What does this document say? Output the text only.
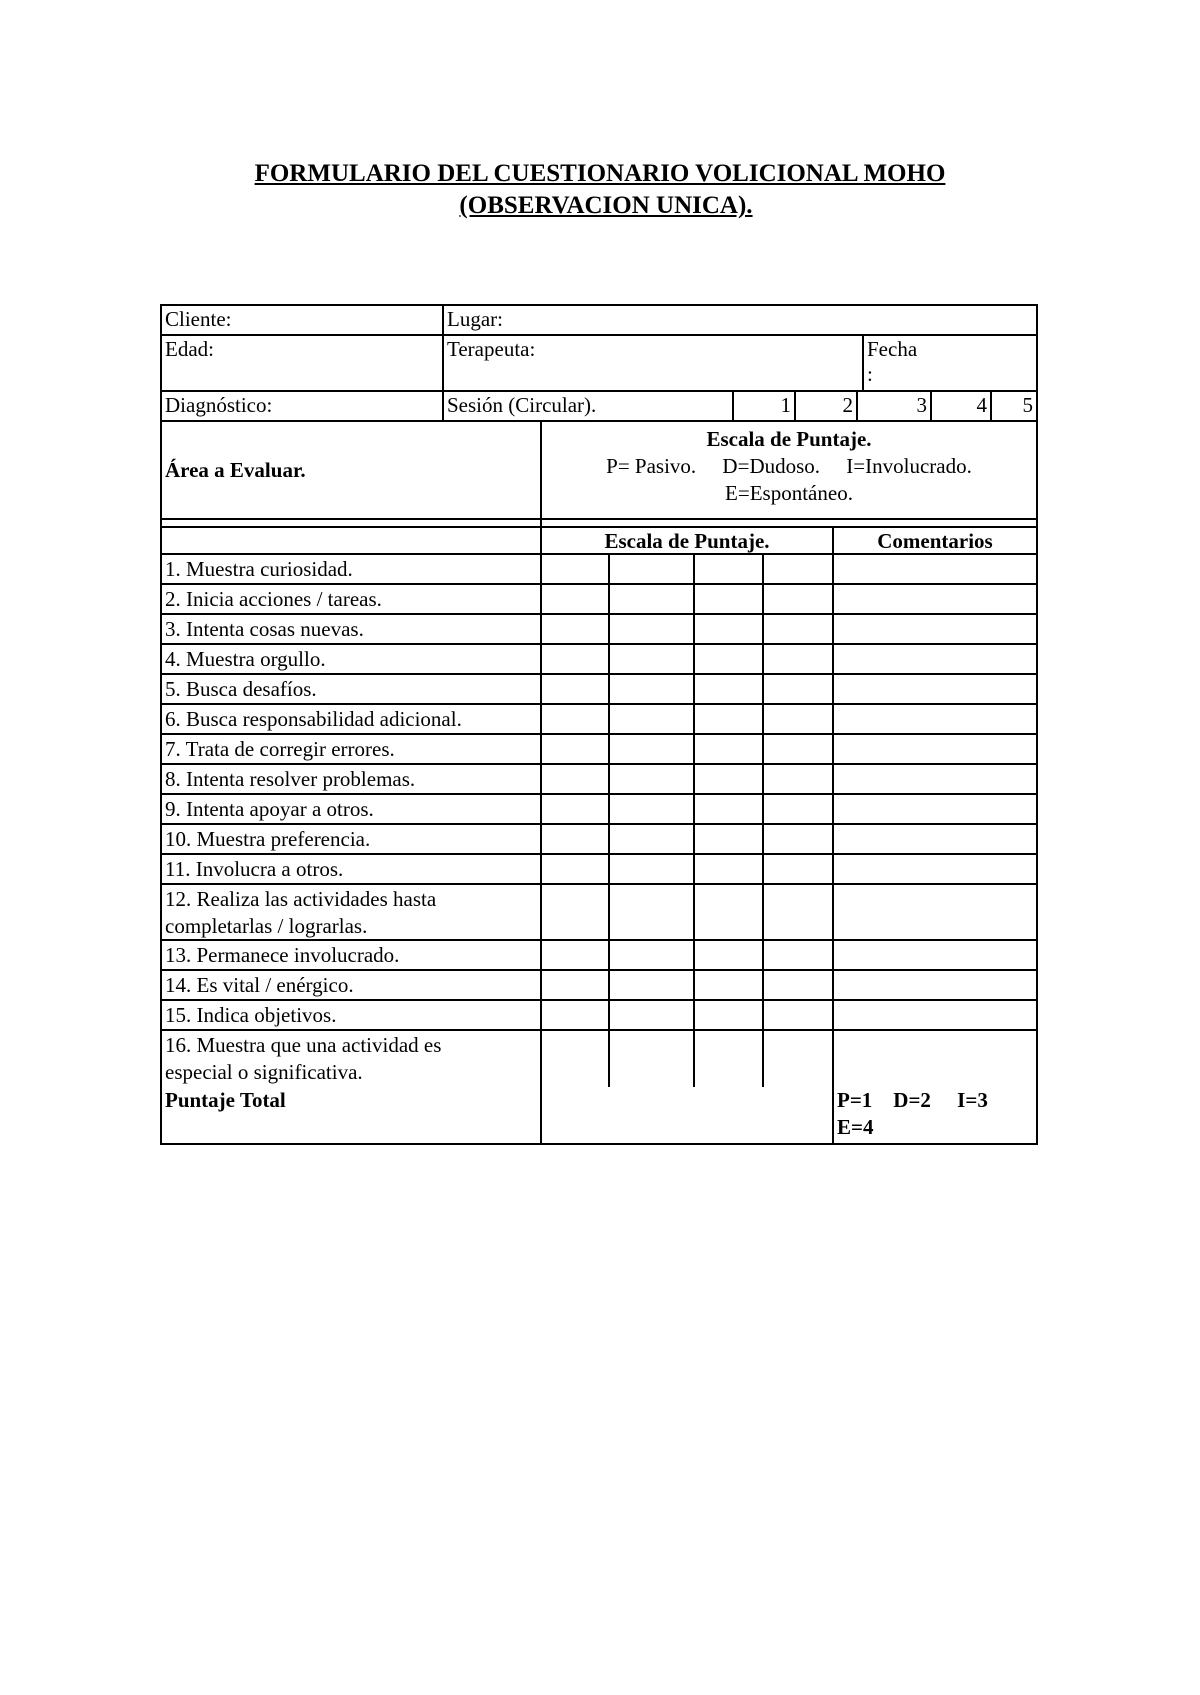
FORMULARIO DEL CUESTIONARIO VOLICIONAL MOHO
(OBSERVACION UNICA).
Cliente:	Lugar:
Edad:	Terapeuta:	Fecha
:
Diagnóstico:	Sesión (Circular).	1	2	3	4	5
Área a Evaluar.
Escala de Puntaje.
P= Pasivo.     D=Dudoso.     I=Involucrado.
E=Espontáneo.
Escala de Puntaje.	Comentarios
1. Muestra curiosidad.
2. Inicia acciones / tareas.
3. Intenta cosas nuevas.
4. Muestra orgullo.
5. Busca desafíos.
6. Busca responsabilidad adicional.
7. Trata de corregir errores.
8. Intenta resolver problemas.
9. Intenta apoyar a otros.
10. Muestra preferencia.
11. Involucra a otros.
12. Realiza las actividades hasta
completarlas / lograrlas.
13. Permanece involucrado.
14. Es vital / enérgico.
15. Indica objetivos.
16. Muestra que una actividad es
especial o significativa.
Puntaje Total	P=1    D=2     I=3
E=4
